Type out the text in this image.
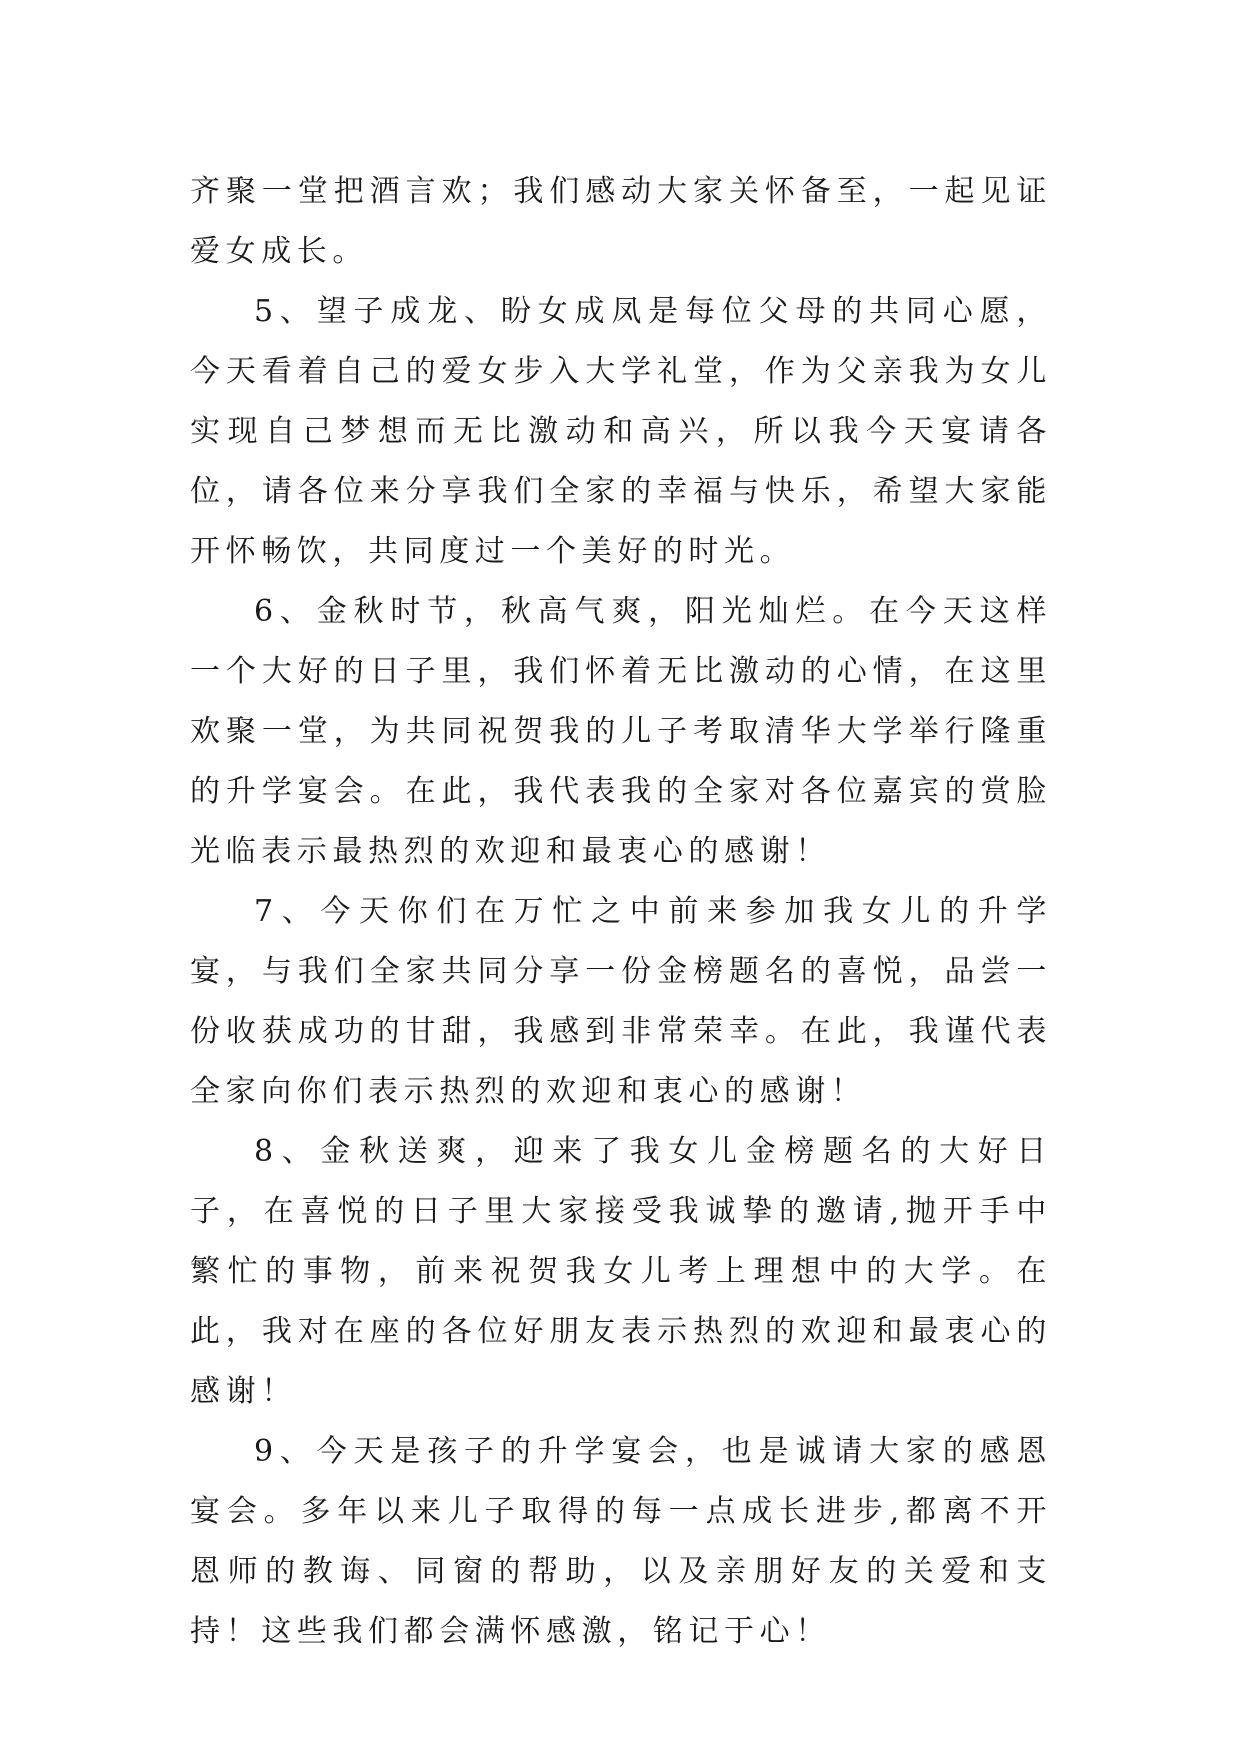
齐聚一堂把酒言欢；我们感动大家关怀备至，一起见证爱女成长。

5、望子成龙、盼女成凤是每位父母的共同心愿，今天看着自己的爱女步入大学礼堂，作为父亲我为女儿实现自己梦想而无比激动和高兴，所以我今天宴请各位，请各位来分享我们全家的幸福与快乐，希望大家能开怀畅饮，共同度过一个美好的时光。

6、金秋时节，秋高气爽，阳光灿烂。在今天这样一个大好的日子里，我们怀着无比激动的心情，在这里欢聚一堂，为共同祝贺我的儿子考取清华大学举行隆重的升学宴会。在此，我代表我的全家对各位嘉宾的赏脸光临表示最热烈的欢迎和最衷心的感谢！

7、今天你们在万忙之中前来参加我女儿的升学宴，与我们全家共同分享一份金榜题名的喜悦，品尝一份收获成功的甘甜，我感到非常荣幸。在此，我谨代表全家向你们表示热烈的欢迎和衷心的感谢！

8、金秋送爽，迎来了我女儿金榜题名的大好日子，在喜悦的日子里大家接受我诚挚的邀请,抛开手中繁忙的事物，前来祝贺我女儿考上理想中的大学。在此，我对在座的各位好朋友表示热烈的欢迎和最衷心的感谢！

9、今天是孩子的升学宴会，也是诚请大家的感恩宴会。多年以来儿子取得的每一点成长进步,都离不开恩师的教诲、同窗的帮助，以及亲朋好友的关爱和支持！这些我们都会满怀感激，铭记于心！
